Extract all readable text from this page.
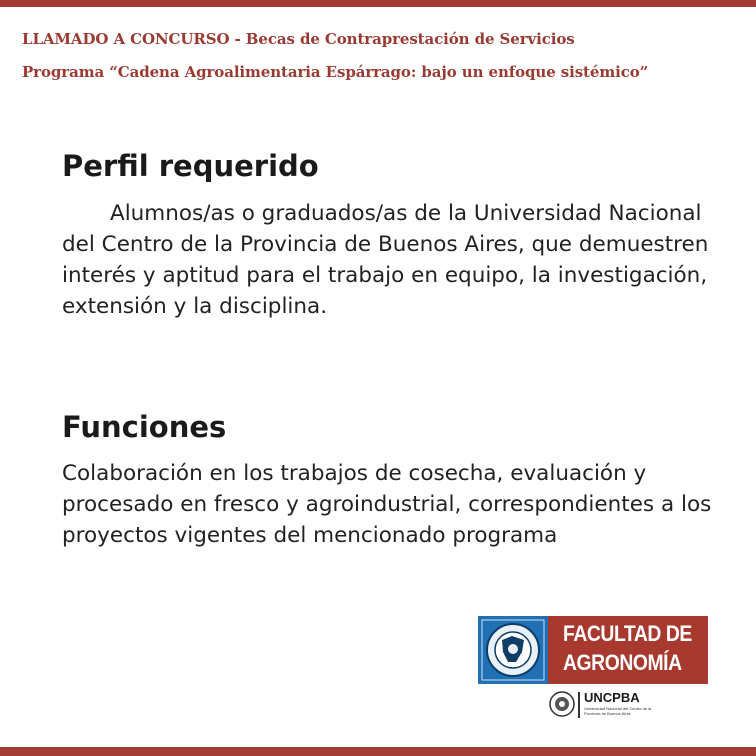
LLAMADO A CONCURSO - Becas de Contraprestación de Servicios
Programa “Cadena Agroalimentaria Espárrago: bajo un enfoque sistémico”
Perfil requerido
Alumnos/as o graduados/as de la Universidad Nacional del Centro de la Provincia de Buenos Aires, que demuestren interés y aptitud para el trabajo en equipo, la investigación, extensión y la disciplina.
Funciones
Colaboración en los trabajos de cosecha, evaluación y procesado en fresco y agroindustrial, correspondientes a los proyectos vigentes del mencionado programa
FACULTAD DE
AGRONOMÍA
UNCPBA
Universidad Nacional del Centro de la Provincia de Buenos Aires
